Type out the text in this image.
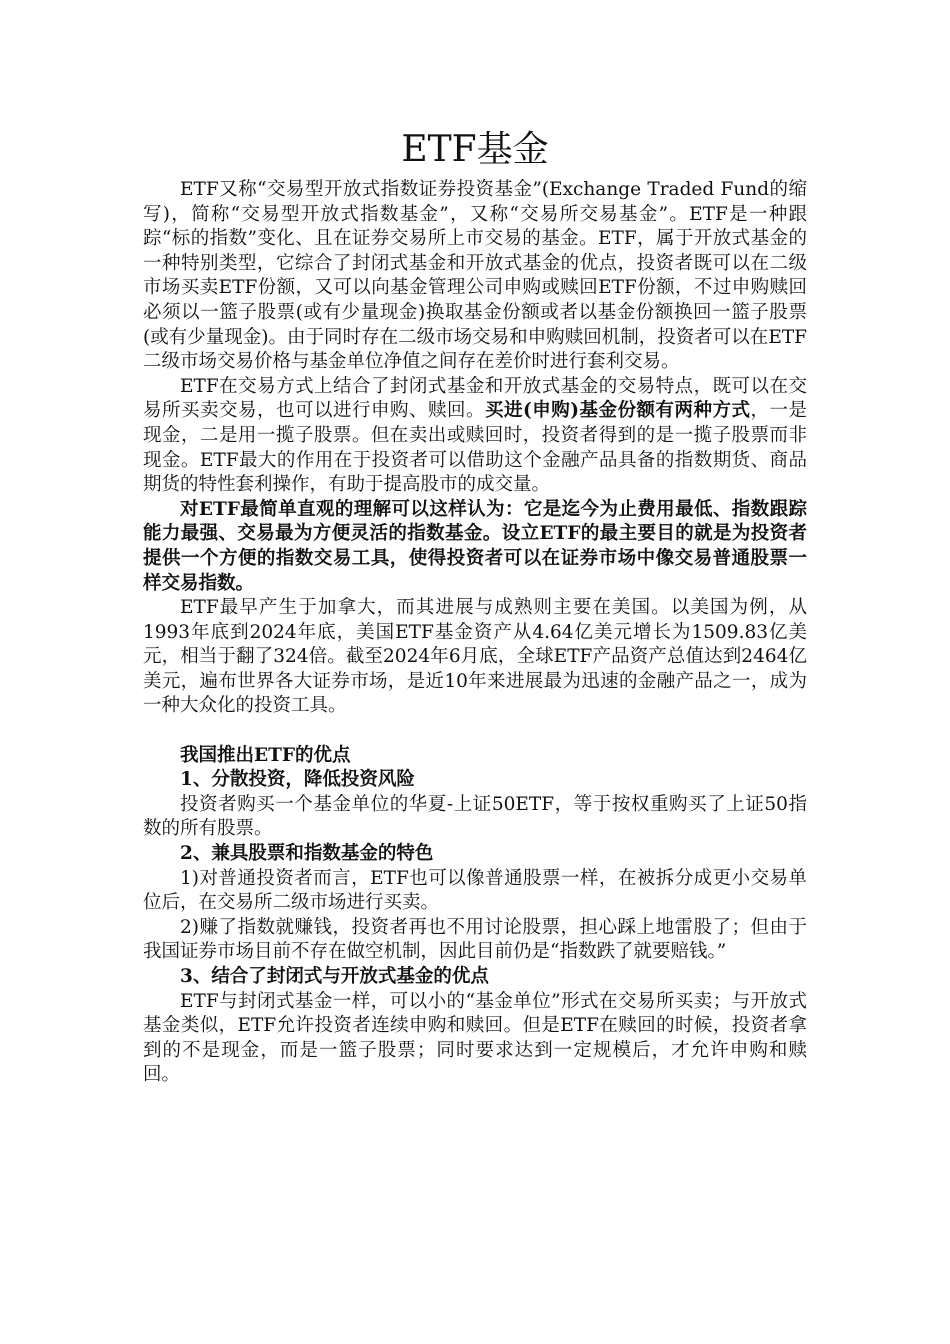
ETF基金

ETF又称“交易型开放式指数证券投资基金”(Exchange Traded Fund的缩写)，简称“交易型开放式指数基金”，又称“交易所交易基金”。ETF是一种跟踪“标的指数”变化、且在证券交易所上市交易的基金。ETF，属于开放式基金的一种特别类型，它综合了封闭式基金和开放式基金的优点，投资者既可以在二级市场买卖ETF份额，又可以向基金管理公司申购或赎回ETF份额，不过申购赎回必须以一篮子股票(或有少量现金)换取基金份额或者以基金份额换回一篮子股票(或有少量现金)。由于同时存在二级市场交易和申购赎回机制，投资者可以在ETF二级市场交易价格与基金单位净值之间存在差价时进行套利交易。

ETF在交易方式上结合了封闭式基金和开放式基金的交易特点，既可以在交易所买卖交易，也可以进行申购、赎回。买进(申购)基金份额有两种方式，一是现金，二是用一揽子股票。但在卖出或赎回时，投资者得到的是一揽子股票而非现金。ETF最大的作用在于投资者可以借助这个金融产品具备的指数期货、商品期货的特性套利操作，有助于提高股市的成交量。

对ETF最简单直观的理解可以这样认为：它是迄今为止费用最低、指数跟踪能力最强、交易最为方便灵活的指数基金。设立ETF的最主要目的就是为投资者提供一个方便的指数交易工具，使得投资者可以在证券市场中像交易普通股票一样交易指数。

ETF最早产生于加拿大，而其进展与成熟则主要在美国。以美国为例，从1993年底到2024年底，美国ETF基金资产从4.64亿美元增长为1509.83亿美元，相当于翻了324倍。截至2024年6月底，全球ETF产品资产总值达到2464亿美元，遍布世界各大证券市场，是近10年来进展最为迅速的金融产品之一，成为一种大众化的投资工具。

我国推出ETF的优点

1、分散投资，降低投资风险

投资者购买一个基金单位的华夏-上证50ETF，等于按权重购买了上证50指数的所有股票。

2、兼具股票和指数基金的特色

1)对普通投资者而言，ETF也可以像普通股票一样，在被拆分成更小交易单位后，在交易所二级市场进行买卖。

2)赚了指数就赚钱，投资者再也不用讨论股票，担心踩上地雷股了；但由于我国证券市场目前不存在做空机制，因此目前仍是“指数跌了就要赔钱。”

3、结合了封闭式与开放式基金的优点

ETF与封闭式基金一样，可以小的“基金单位”形式在交易所买卖；与开放式基金类似，ETF允许投资者连续申购和赎回。但是ETF在赎回的时候，投资者拿到的不是现金，而是一篮子股票；同时要求达到一定规模后，才允许申购和赎回。
